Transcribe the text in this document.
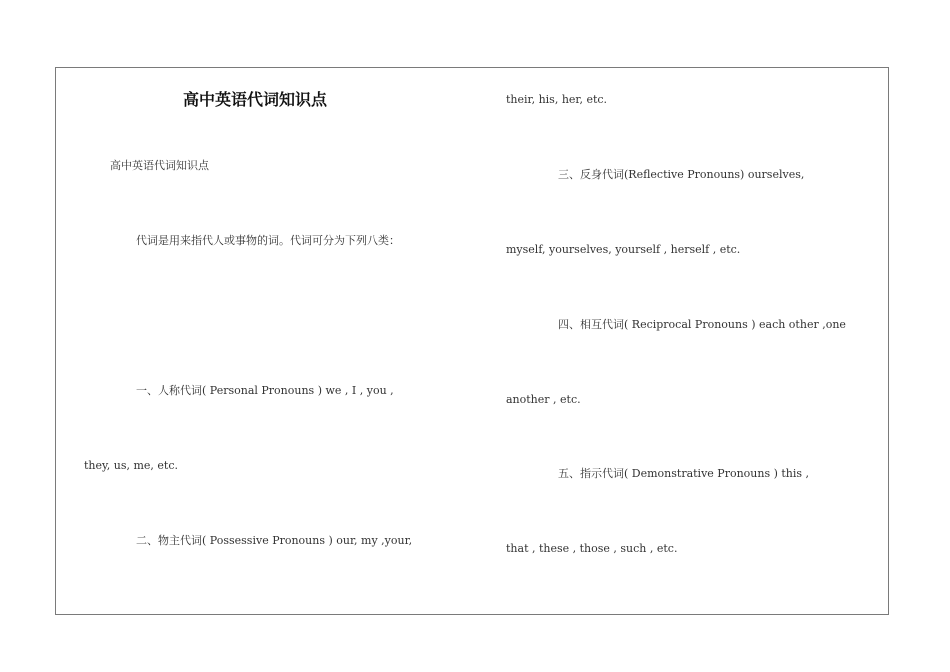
高中英语代词知识点
高中英语代词知识点
代词是用来指代人或事物的词。代词可分为下列八类：
一、人称代词( Personal Pronouns ) we , I , you ,
they, us, me, etc.
二、物主代词( Possessive Pronouns ) our, my ,your,
their, his, her, etc.
三、反身代词(Reflective Pronouns) ourselves,
myself, yourselves, yourself , herself , etc.
四、相互代词( Reciprocal Pronouns ) each other ,one
another , etc.
五、指示代词( Demonstrative Pronouns ) this ,
that , these , those , such , etc.
